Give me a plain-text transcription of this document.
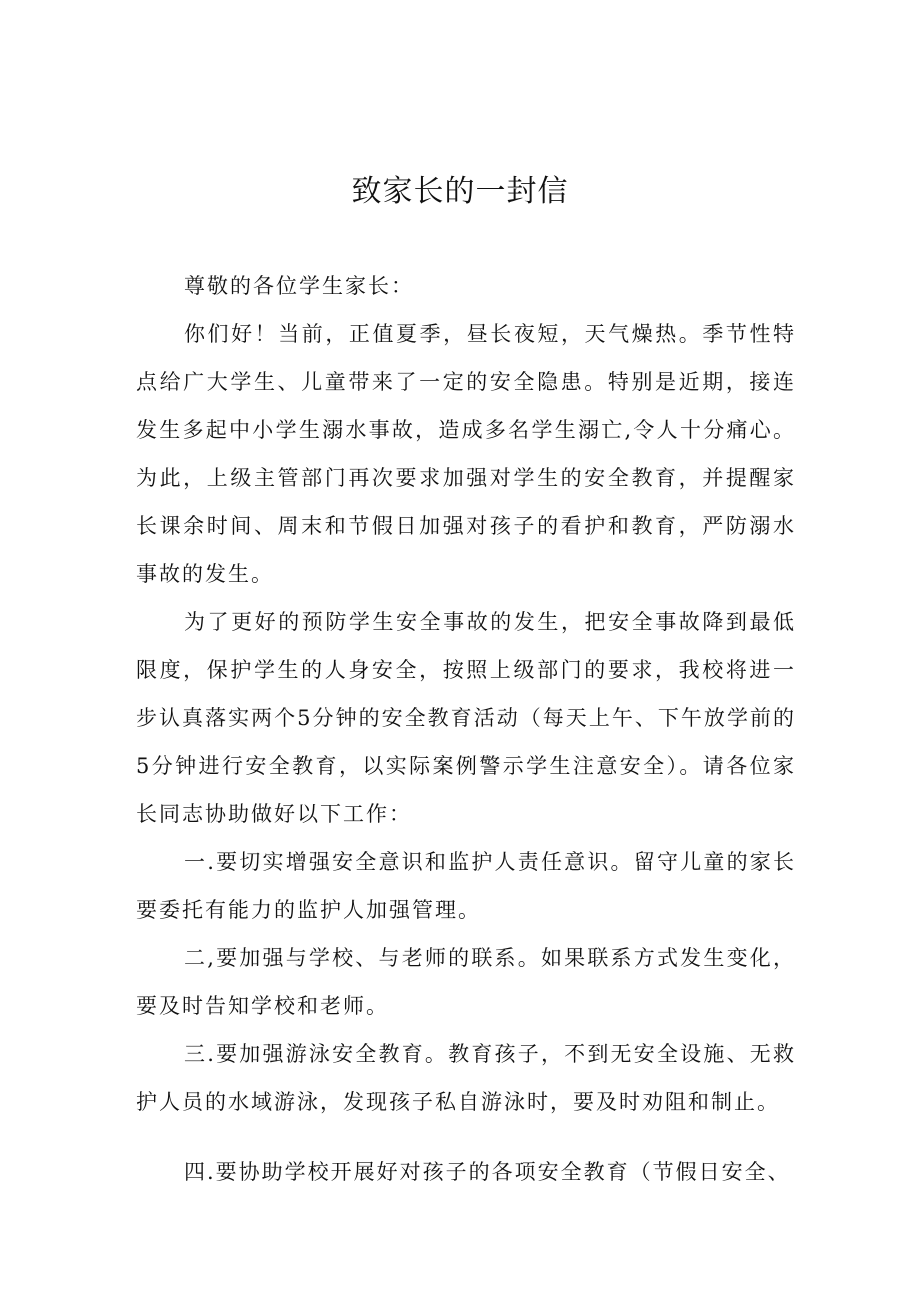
致家长的一封信

尊敬的各位学生家长：

你们好！当前，正值夏季，昼长夜短，天气燥热。季节性特点给广大学生、儿童带来了一定的安全隐患。特别是近期，接连发生多起中小学生溺水事故，造成多名学生溺亡,令人十分痛心。为此，上级主管部门再次要求加强对学生的安全教育，并提醒家长课余时间、周末和节假日加强对孩子的看护和教育，严防溺水事故的发生。

为了更好的预防学生安全事故的发生，把安全事故降到最低限度，保护学生的人身安全，按照上级部门的要求，我校将进一步认真落实两个5分钟的安全教育活动（每天上午、下午放学前的5分钟进行安全教育，以实际案例警示学生注意安全）。请各位家长同志协助做好以下工作：

一.要切实增强安全意识和监护人责任意识。留守儿童的家长要委托有能力的监护人加强管理。

二,要加强与学校、与老师的联系。如果联系方式发生变化，要及时告知学校和老师。

三.要加强游泳安全教育。教育孩子，不到无安全设施、无救护人员的水域游泳，发现孩子私自游泳时，要及时劝阻和制止。

四.要协助学校开展好对孩子的各项安全教育（节假日安全、
